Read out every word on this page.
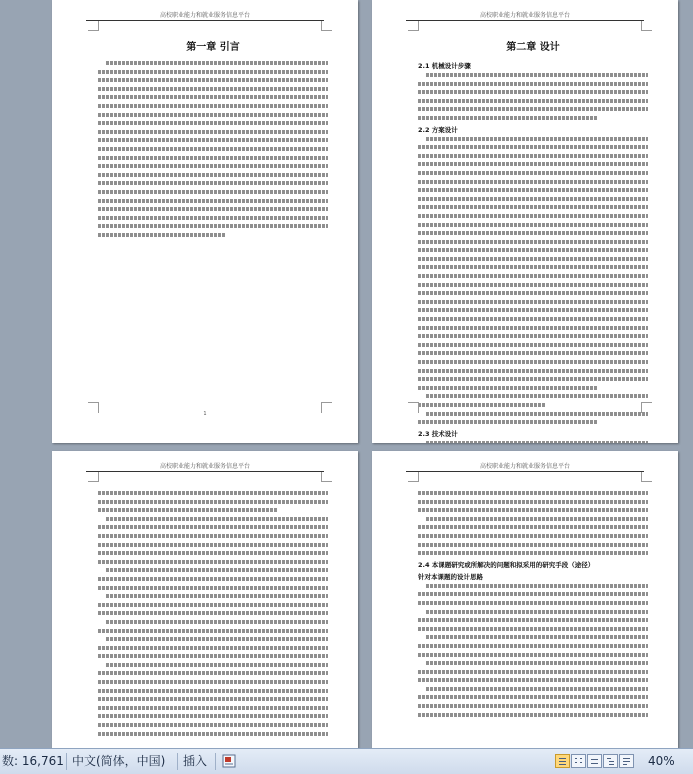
高校职业能力和就业服务信息平台
第一章 引言
1
高校职业能力和就业服务信息平台
第二章 设计
2.1 机械设计步骤
2.2 方案设计
2.3 技术设计
高校职业能力和就业服务信息平台	高校职业能力和就业服务信息平台
2.4 本课题研究或所解决的问题和拟采用的研究手段（途径）
针对本课题的设计思路
数: 16,761 中文(简体，中国) 插入	40%
